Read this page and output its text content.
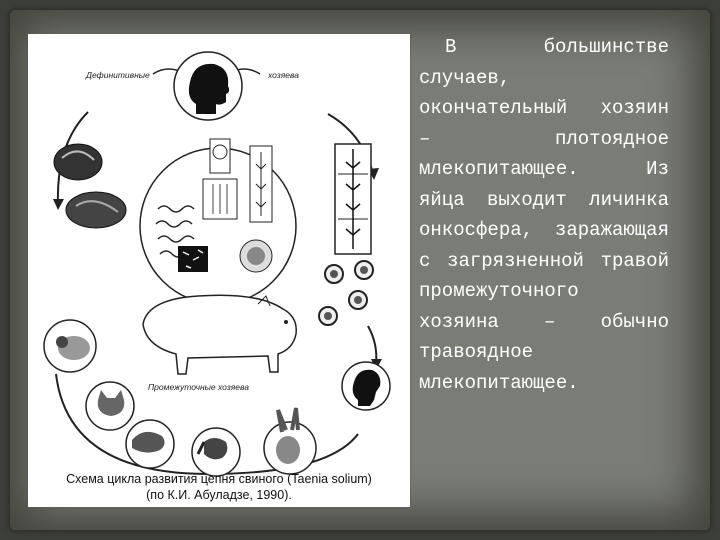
Дефинитивные	хозяева
Промежуточные хозяева
Схема цикла развития цепня свиного (Taenia solium)
(по К.И. Абуладзе, 1990).
В большинстве случаев, окончательный хозяин – плотоядное млекопитающее. Из яйца выходит личинка онкосфера, заражающая с загрязненной травой промежуточного хозяина – обычно травоядное млекопитающее.
